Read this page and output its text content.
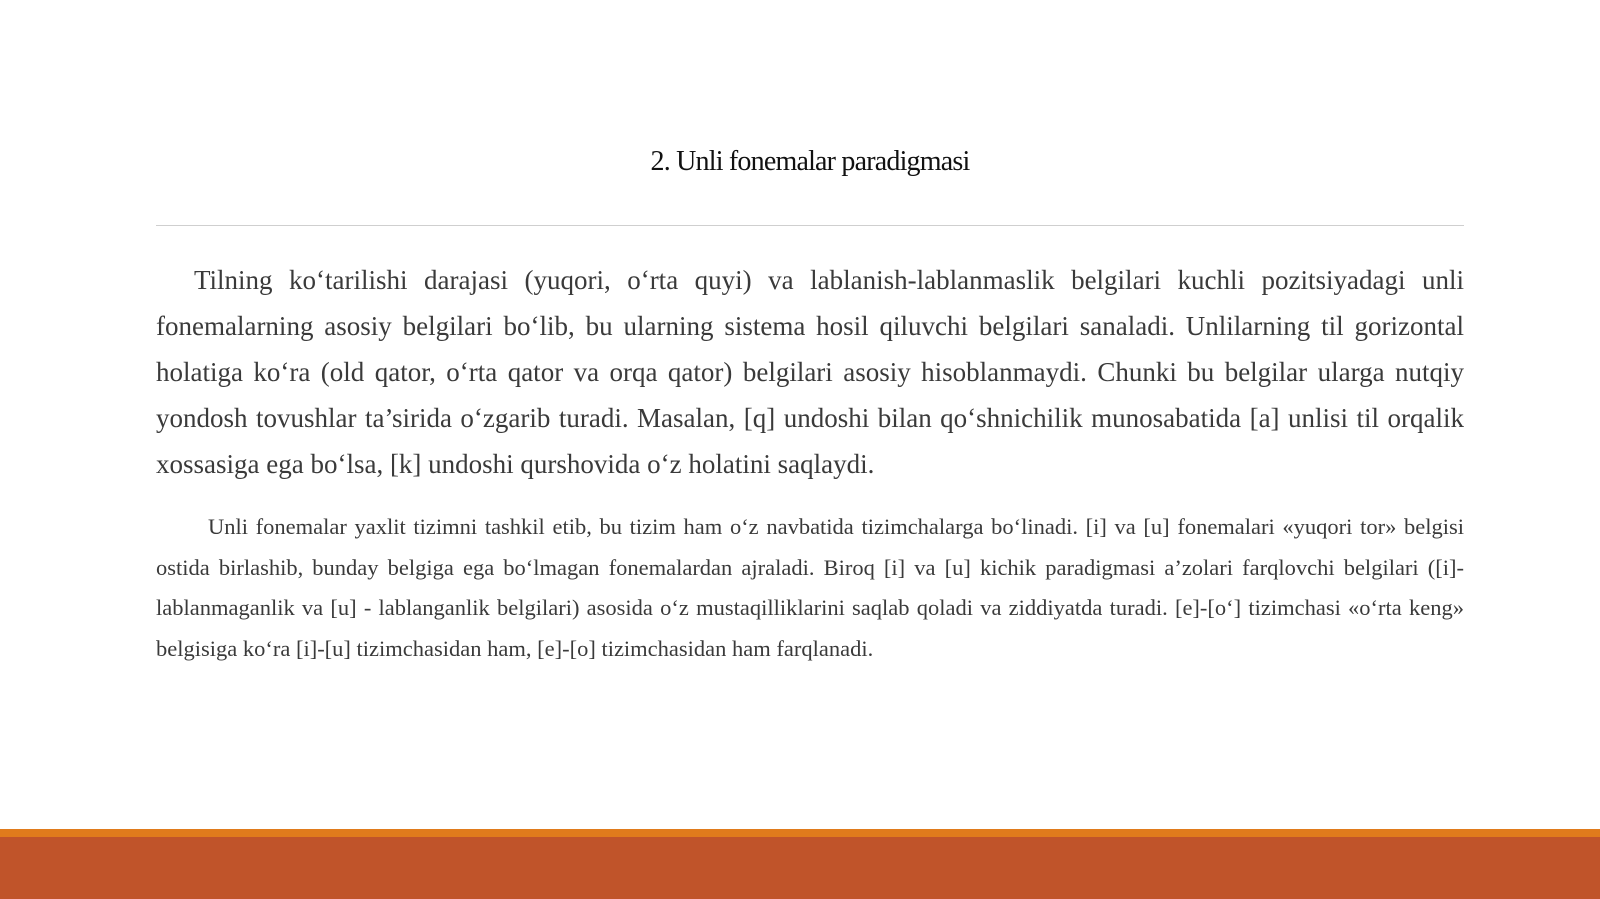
2. Unli fonemalar paradigmasi

Tilning ko‘tarilishi darajasi (yuqori, o‘rta quyi) va lablanish-lablanmaslik belgilari kuchli pozitsiyadagi unli fonemalarning asosiy belgilari bo‘lib, bu ularning sistema hosil qiluvchi belgilari sanaladi. Unlilarning til gorizontal holatiga ko‘ra (old qator, o‘rta qator va orqa qator) belgilari asosiy hisoblanmaydi. Chunki bu belgilar ularga nutqiy yondosh tovushlar ta’sirida o‘zgarib turadi. Masalan, [q] undoshi bilan qo‘shnichilik munosabatida [a] unlisi til orqalik xossasiga ega bo‘lsa, [k] undoshi qurshovida o‘z holatini saqlaydi.

Unli fonemalar yaxlit tizimni tashkil etib, bu tizim ham o‘z navbatida tizimchalarga bo‘linadi. [i] va [u] fonemalari «yuqori tor» belgisi ostida birlashib, bunday belgiga ega bo‘lmagan fonemalardan ajraladi. Biroq [i] va [u] kichik paradigmasi a’zolari farqlovchi belgilari ([i]-lablanmaganlik va [u] - lablanganlik belgilari) asosida o‘z mustaqilliklarini saqlab qoladi va ziddiyatda turadi. [e]-[o‘] tizimchasi «o‘rta keng» belgisiga ko‘ra [i]-[u] tizimchasidan ham, [e]-[o] tizimchasidan ham farqlanadi.
